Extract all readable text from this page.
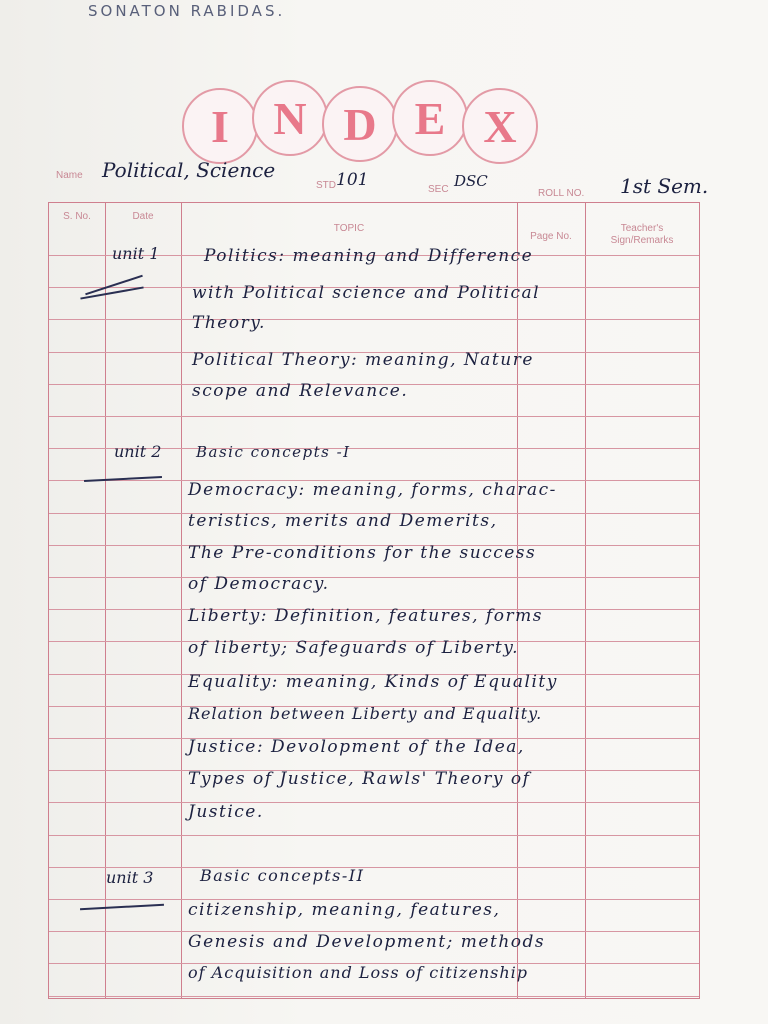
SONATON RABIDAS.
I N D E X
Name Political, Science
STD 101	SEC DSC
ROLL NO. 1st Sem.
S. No.	Date
TOPIC
Page No.
Teacher's Sign/Remarks
unit 1
unit 2
unit 3
Politics: meaning and Difference
with Political science and Political
Theory.
Political Theory: meaning, Nature
scope and Relevance.
Basic concepts -I
Democracy: meaning, forms, charac-
teristics, merits and Demerits,
The Pre-conditions for the success
of Democracy.
Liberty: Definition, features, forms
of liberty; Safeguards of Liberty.
Equality: meaning, Kinds of Equality
Relation between Liberty and Equality.
Justice: Devolopment of the Idea,
Types of Justice, Rawls' Theory of
Justice.
Basic concepts-II
citizenship, meaning, features,
Genesis and Development; methods
of Acquisition and Loss of citizenship
